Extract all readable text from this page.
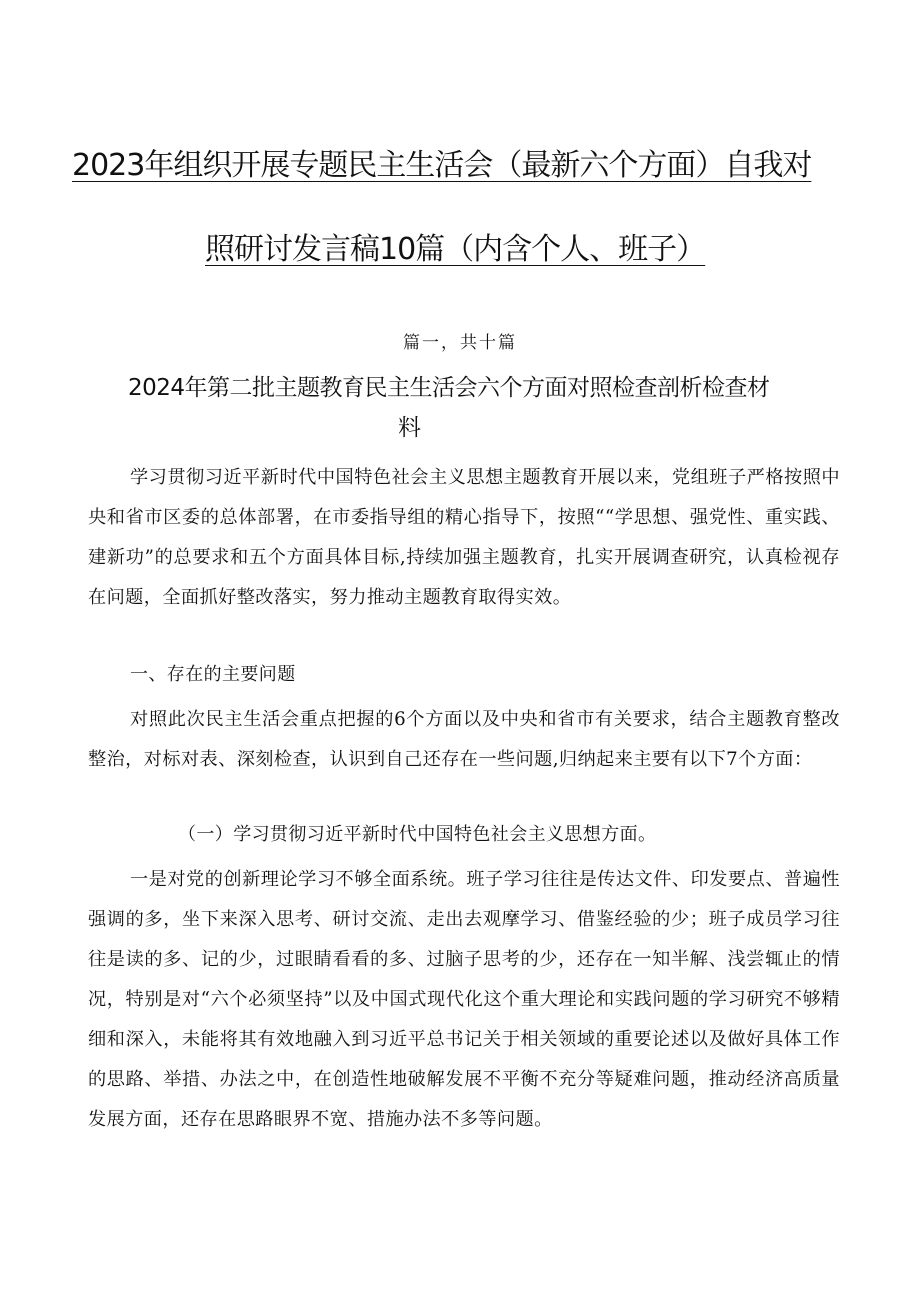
2023年组织开展专题民主生活会（最新六个方面）自我对
照研讨发言稿10篇（内含个人、班子）
篇一，共十篇
2024年第二批主题教育民主生活会六个方面对照检查剖析检查材
料

学习贯彻习近平新时代中国特色社会主义思想主题教育开展以来，党组班子严格按照中央和省市区委的总体部署，在市委指导组的精心指导下，按照““学思想、强党性、重实践、建新功”的总要求和五个方面具体目标,持续加强主题教育，扎实开展调查研究，认真检视存在问题，全面抓好整改落实，努力推动主题教育取得实效。

一、存在的主要问题

对照此次民主生活会重点把握的6个方面以及中央和省市有关要求，结合主题教育整改整治，对标对表、深刻检查，认识到自己还存在一些问题,归纳起来主要有以下7个方面：

（一）学习贯彻习近平新时代中国特色社会主义思想方面。

一是对党的创新理论学习不够全面系统。班子学习往往是传达文件、印发要点、普遍性强调的多，坐下来深入思考、研讨交流、走出去观摩学习、借鉴经验的少；班子成员学习往往是读的多、记的少，过眼睛看看的多、过脑子思考的少，还存在一知半解、浅尝辄止的情况，特别是对“六个必须坚持”以及中国式现代化这个重大理论和实践问题的学习研究不够精细和深入，未能将其有效地融入到习近平总书记关于相关领域的重要论述以及做好具体工作的思路、举措、办法之中，在创造性地破解发展不平衡不充分等疑难问题，推动经济高质量发展方面，还存在思路眼界不宽、措施办法不多等问题。
